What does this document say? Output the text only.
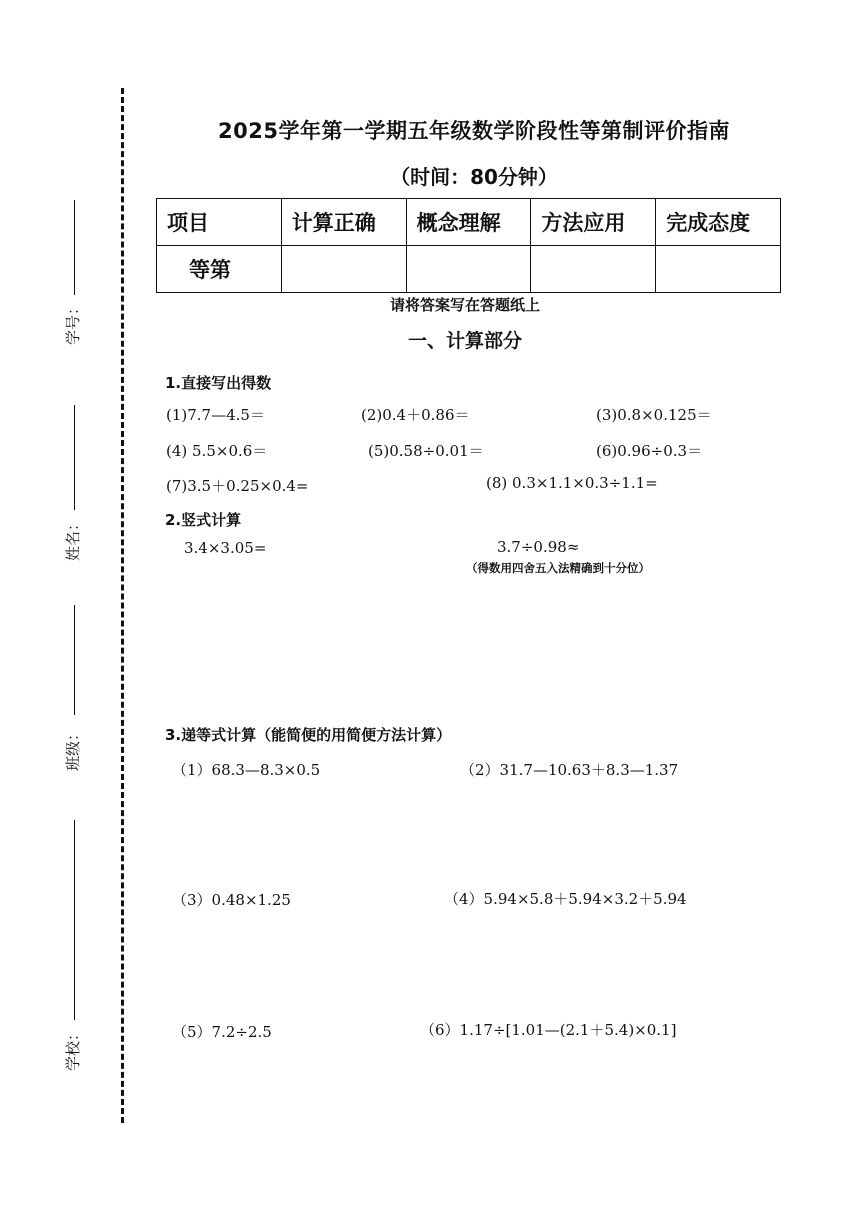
学号：
姓名：
班级：
学校：
2025学年第一学期五年级数学阶段性等第制评价指南
（时间：80分钟）
项目	计算正确	概念理解	方法应用	完成态度
等第				
请将答案写在答题纸上
一、计算部分
1.直接写出得数
(1)7.7—4.5＝	(2)0.4＋0.86＝	(3)0.8×0.125＝
(4) 5.5×0.6＝	(5)0.58÷0.01＝	(6)0.96÷0.3＝
(7)3.5＋0.25×0.4=	(8) 0.3×1.1×0.3÷1.1=
2.竖式计算
3.4×3.05=	3.7÷0.98≈
（得数用四舍五入法精确到十分位）
3.递等式计算（能简便的用简便方法计算）
（1）68.3—8.3×0.5	（2）31.7—10.63＋8.3—1.37
（3）0.48×1.25	（4）5.94×5.8＋5.94×3.2＋5.94
（5）7.2÷2.5	（6）1.17÷[1.01—(2.1＋5.4)×0.1]
